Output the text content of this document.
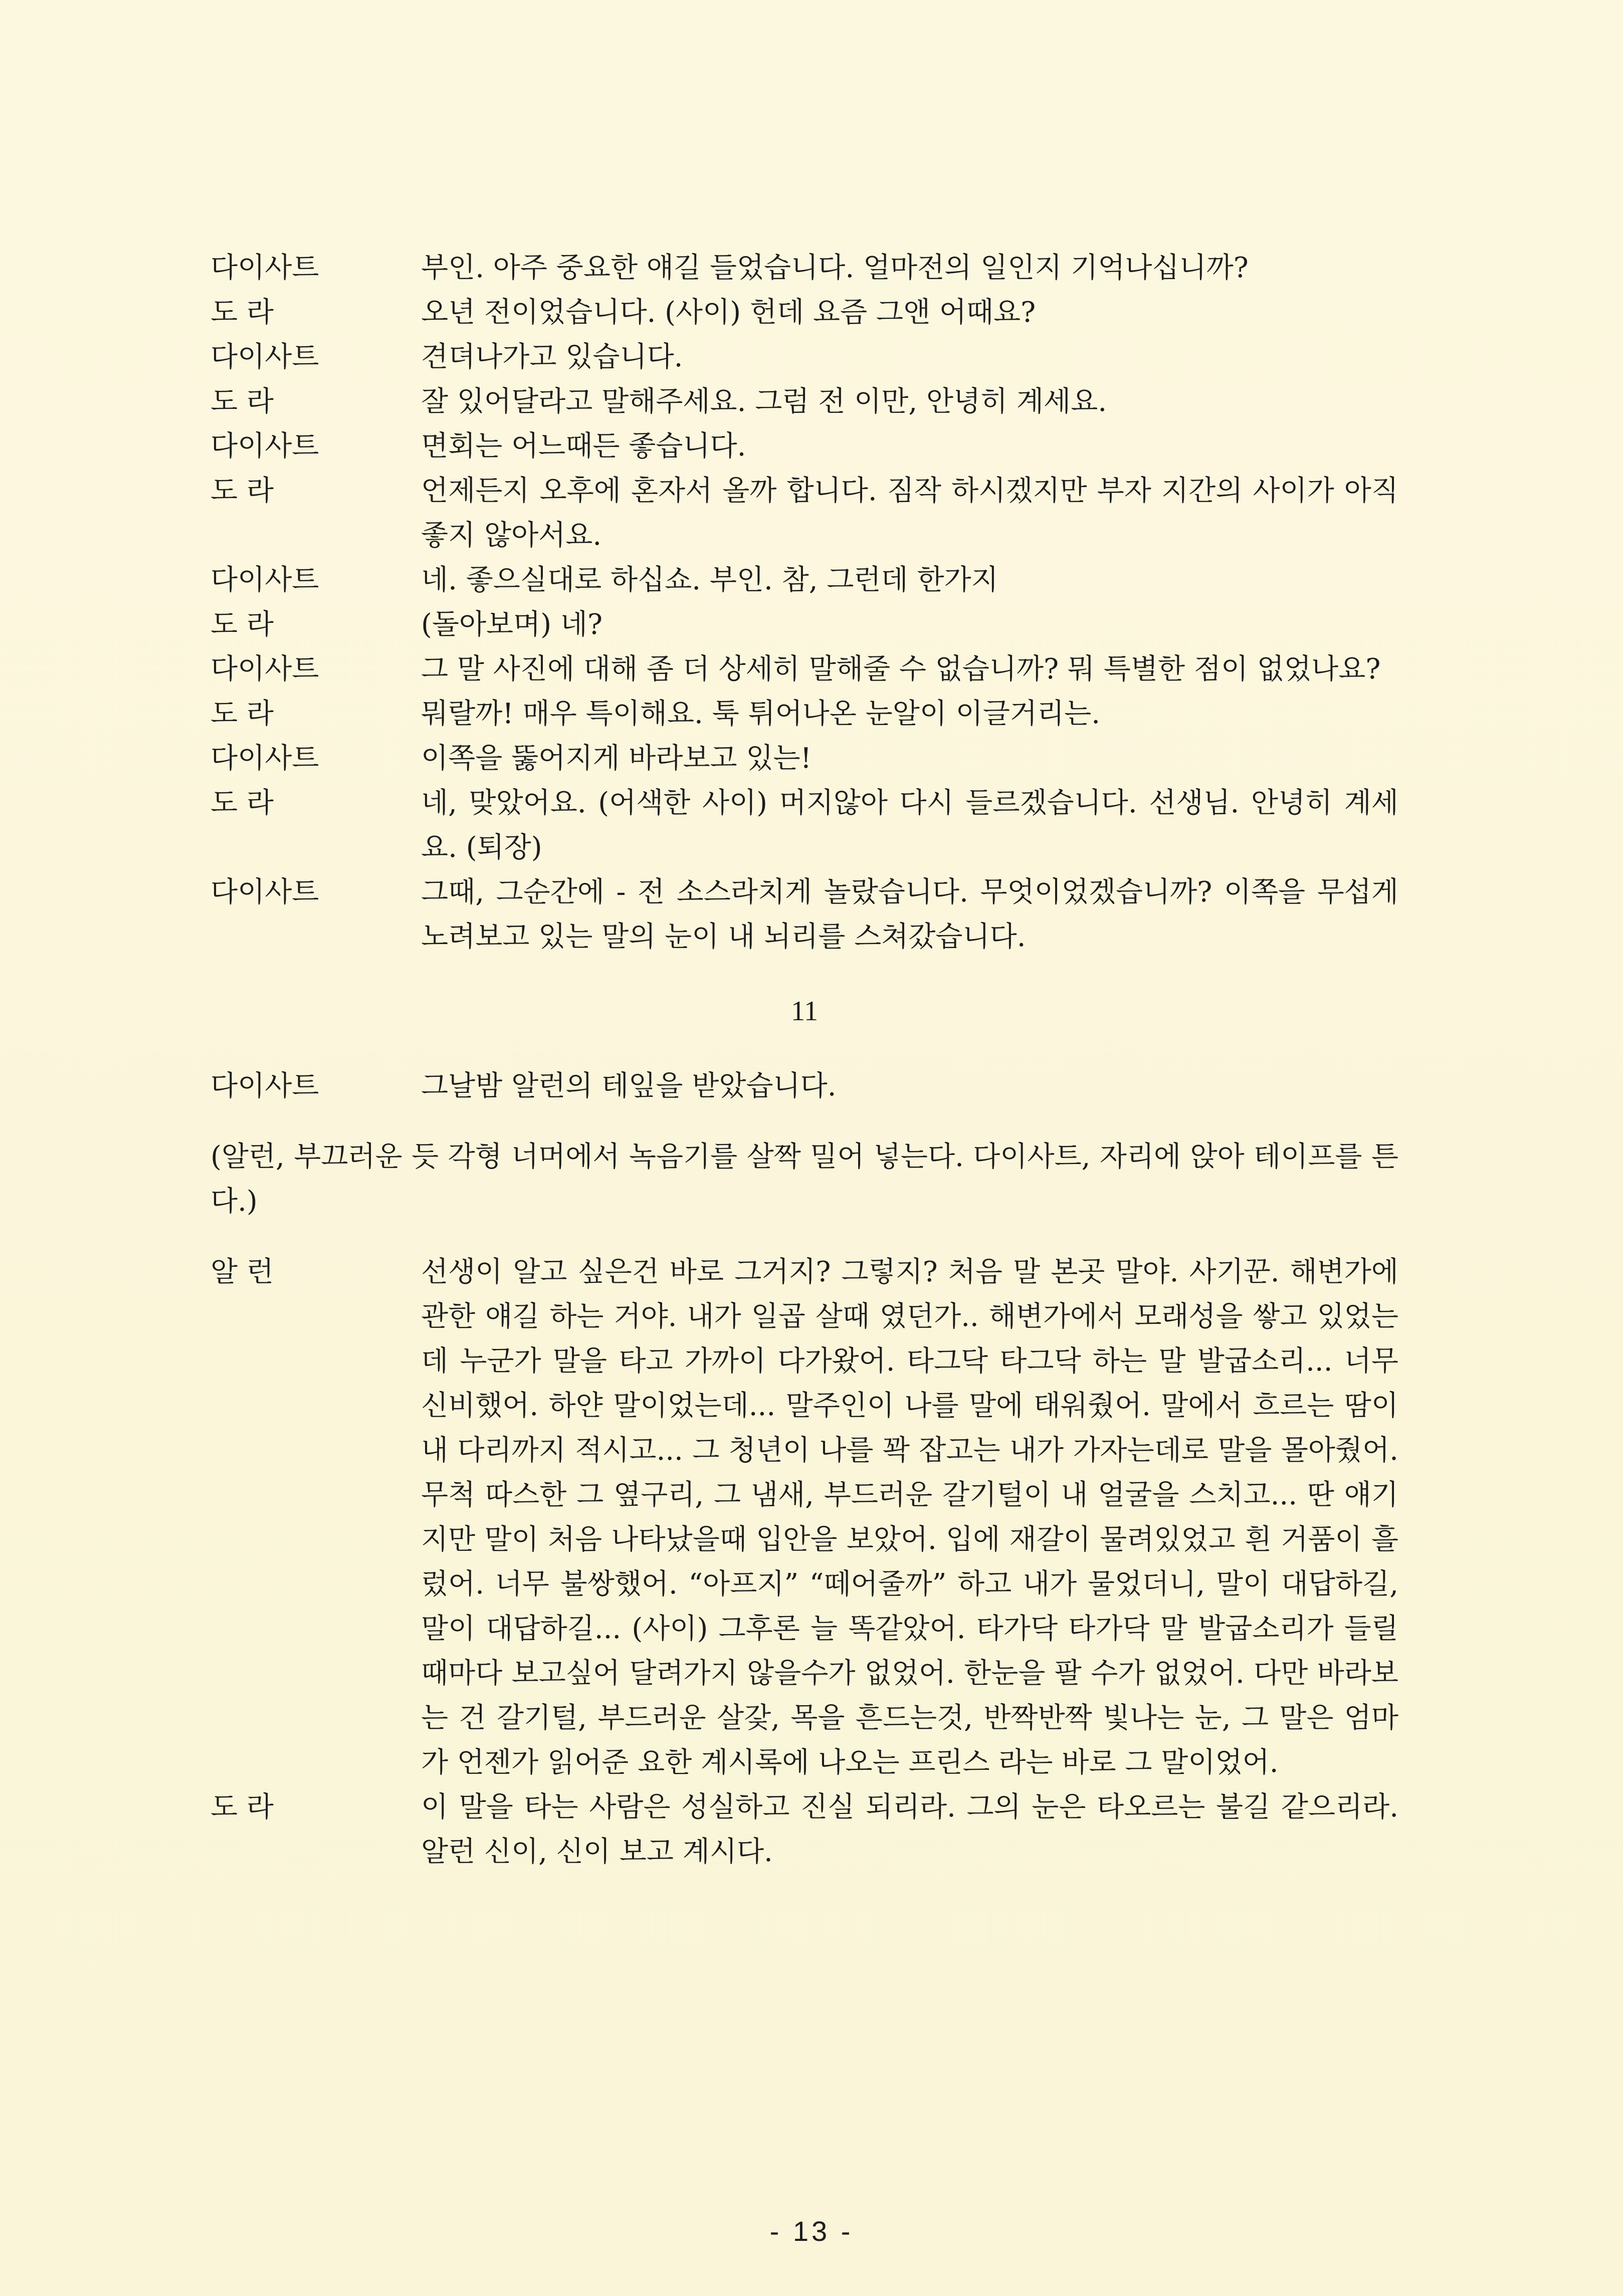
다이사트	부인. 아주 중요한 얘길 들었습니다. 얼마전의 일인지 기억나십니까?
도 라	오년 전이었습니다. (사이) 헌데 요즘 그앤 어때요?
다이사트	견뎌나가고 있습니다.
도 라	잘 있어달라고 말해주세요. 그럼 전 이만, 안녕히 계세요.
다이사트	면회는 어느때든 좋습니다.
도 라	언제든지 오후에 혼자서 올까 합니다. 짐작 하시겠지만 부자 지간의 사이가 아직 좋지 않아서요.
다이사트	네. 좋으실대로 하십쇼. 부인. 참, 그런데 한가지
도 라	(돌아보며) 네?
다이사트	그 말 사진에 대해 좀 더 상세히 말해줄 수 없습니까? 뭐 특별한 점이 없었나요?
도 라	뭐랄까! 매우 특이해요. 툭 튀어나온 눈알이 이글거리는.
다이사트	이쪽을 뚫어지게 바라보고 있는!
도 라	네, 맞았어요. (어색한 사이) 머지않아 다시 들르겠습니다. 선생님. 안녕히 계세요. (퇴장)
다이사트	그때, 그순간에 - 전 소스라치게 놀랐습니다. 무엇이었겠습니까? 이쪽을 무섭게 노려보고 있는 말의 눈이 내 뇌리를 스쳐갔습니다.
11
다이사트	그날밤 알런의 테잎을 받았습니다.
(알런, 부끄러운 듯 각형 너머에서 녹음기를 살짝 밀어 넣는다. 다이사트, 자리에 앉아 테이프를 튼다.)
알 런	선생이 알고 싶은건 바로 그거지? 그렇지? 처음 말 본곳 말야. 사기꾼. 해변가에 관한 얘길 하는 거야. 내가 일곱 살때 였던가.. 해변가에서 모래성을 쌓고 있었는데 누군가 말을 타고 가까이 다가왔어. 타그닥 타그닥 하는 말 발굽소리... 너무 신비했어. 하얀 말이었는데... 말주인이 나를 말에 태워줬어. 말에서 흐르는 땀이 내 다리까지 적시고... 그 청년이 나를 꽉 잡고는 내가 가자는데로 말을 몰아줬어. 무척 따스한 그 옆구리, 그 냄새, 부드러운 갈기털이 내 얼굴을 스치고... 딴 얘기지만 말이 처음 나타났을때 입안을 보았어. 입에 재갈이 물려있었고 흰 거품이 흘렀어. 너무 불쌍했어. “아프지” “떼어줄까” 하고 내가 물었더니, 말이 대답하길, 말이 대답하길... (사이) 그후론 늘 똑같았어. 타가닥 타가닥 말 발굽소리가 들릴때마다 보고싶어 달려가지 않을수가 없었어. 한눈을 팔 수가 없었어. 다만 바라보는 건 갈기털, 부드러운 살갗, 목을 흔드는것, 반짝반짝 빛나는 눈, 그 말은 엄마가 언젠가 읽어준 요한 계시록에 나오는 프린스 라는 바로 그 말이었어.
도 라	이 말을 타는 사람은 성실하고 진실 되리라. 그의 눈은 타오르는 불길 같으리라. 알런 신이, 신이 보고 계시다.
- 13 -
